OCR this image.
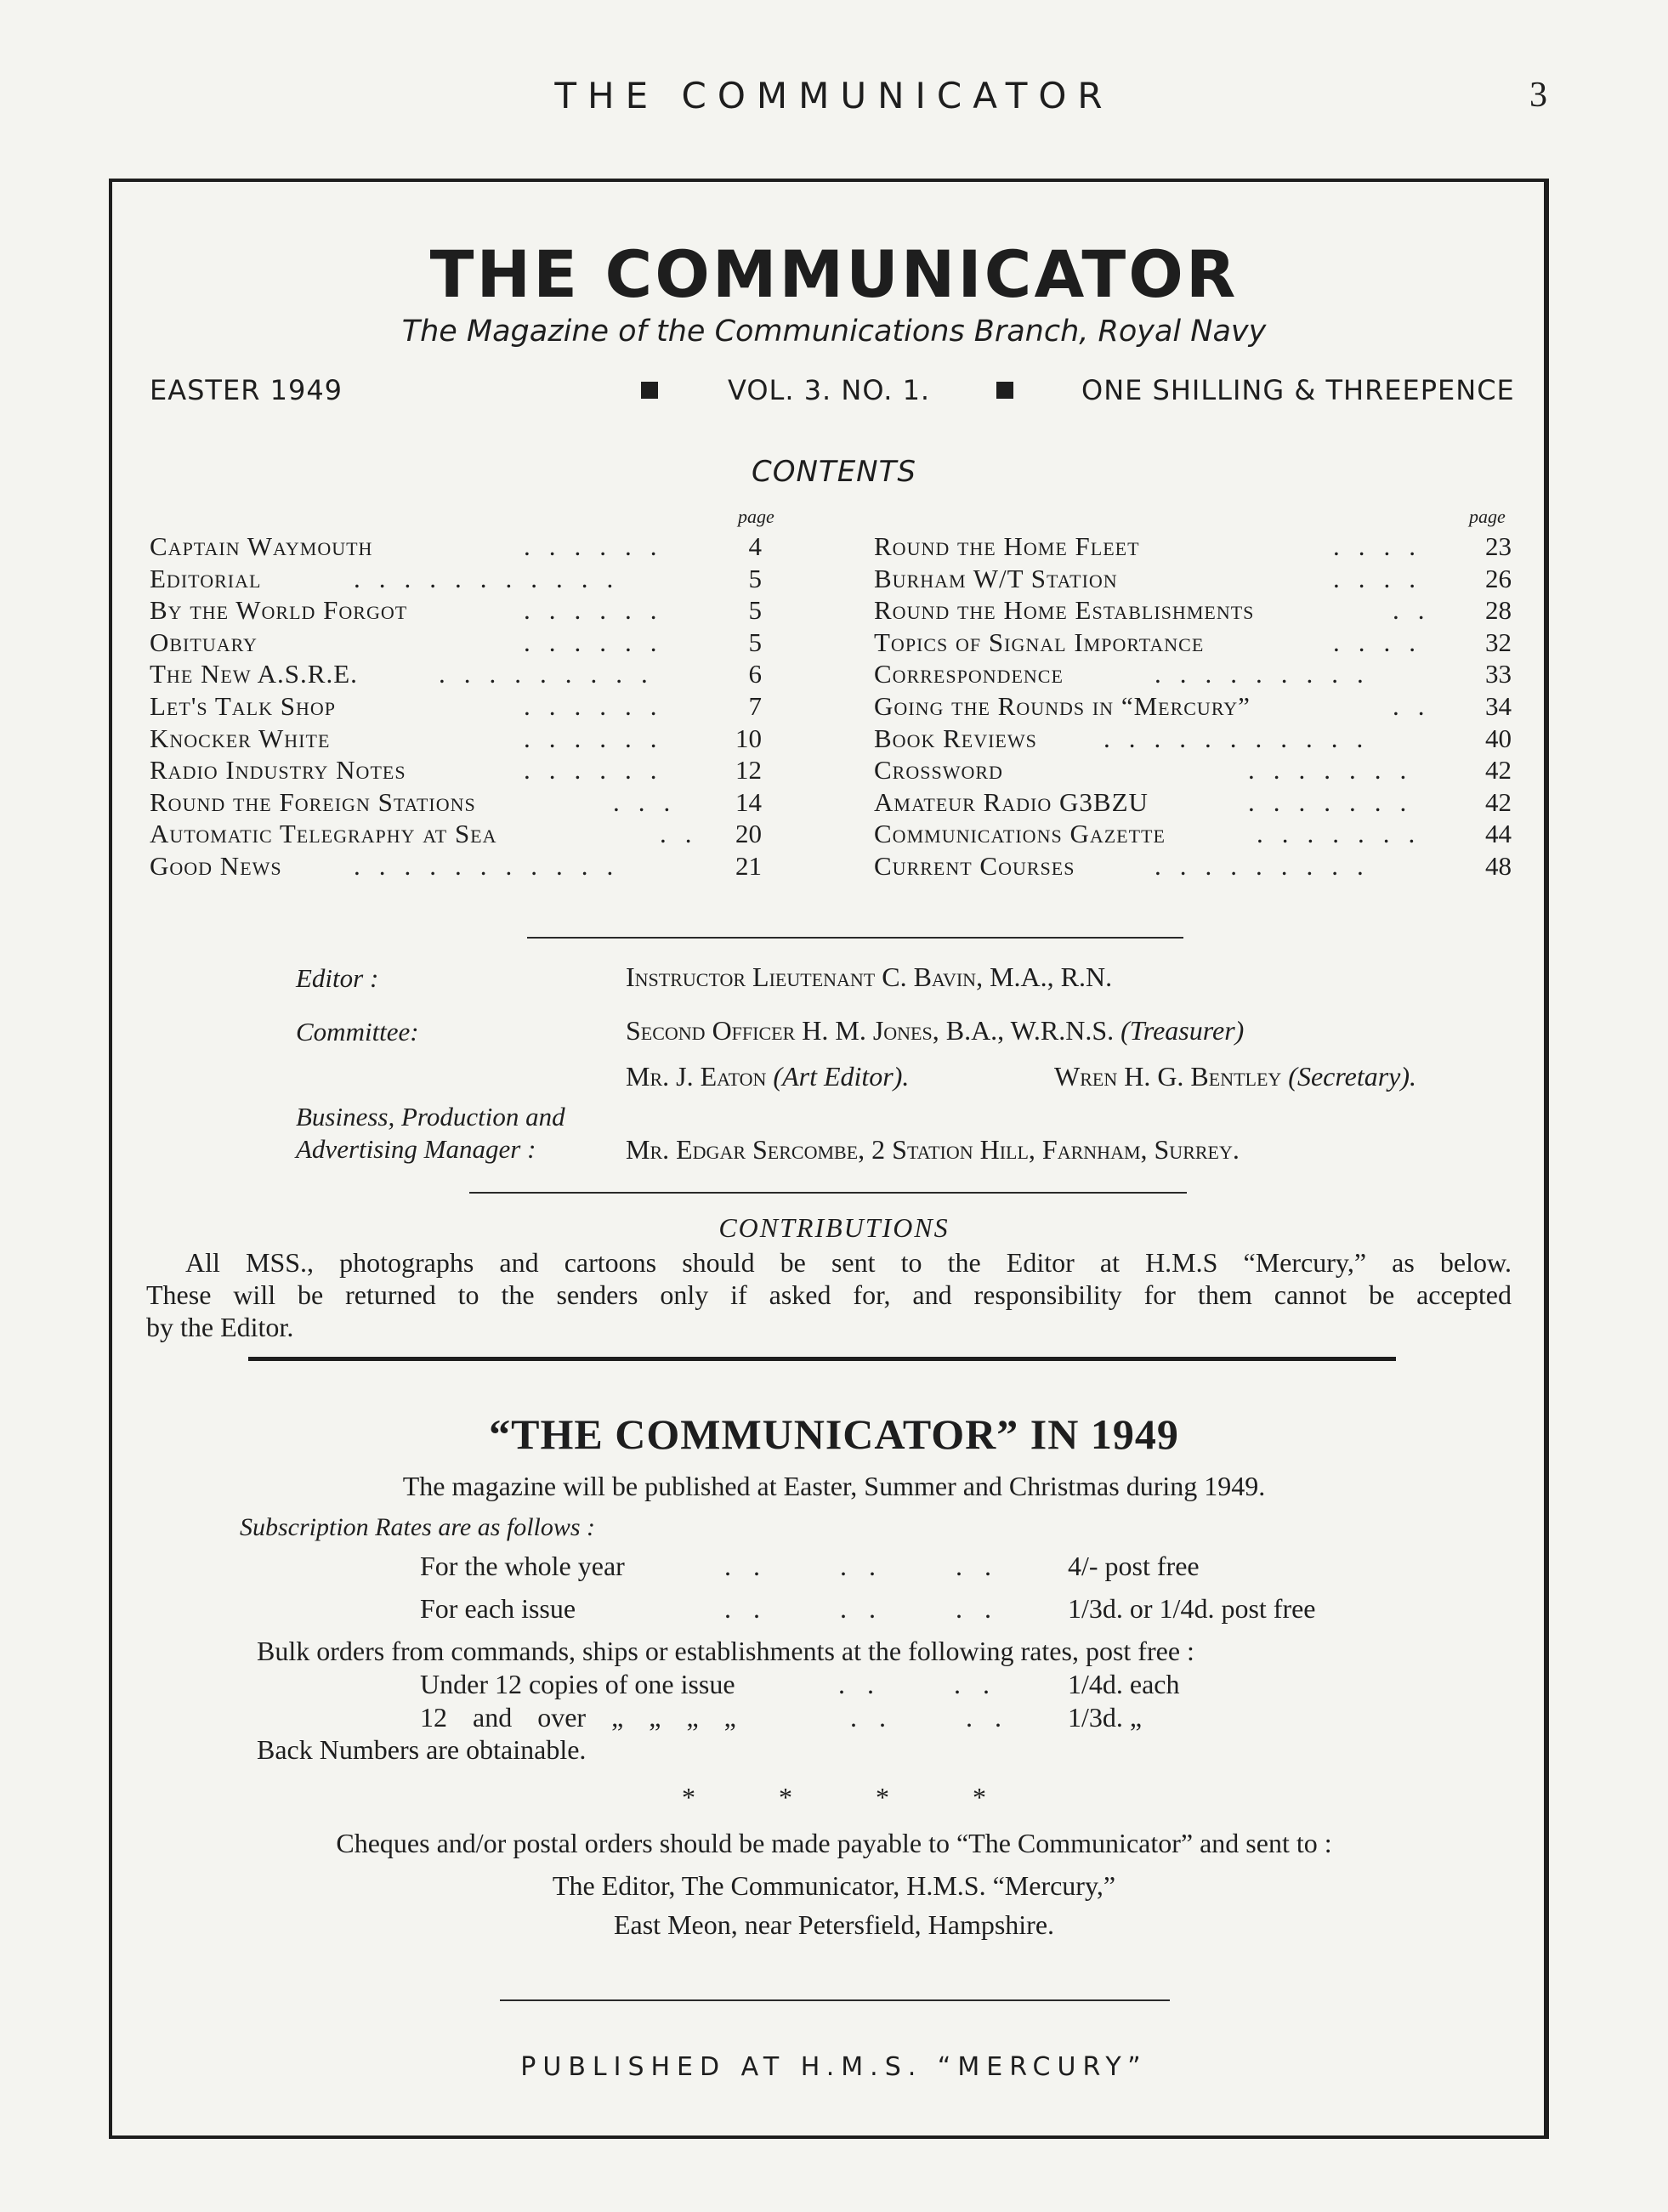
THE COMMUNICATOR	3
THE COMMUNICATOR
The Magazine of the Communications Branch, Royal Navy
EASTER 1949	VOL. 3. NO. 1.	ONE SHILLING & THREEPENCE
CONTENTS
page	page
Captain Waymouth	......	4
Editorial	...........	5
By the World Forgot	......	5
Obituary	......	5
The New A.S.R.E.	.........	6
Let's Talk Shop	......	7
Knocker White	......	10
Radio Industry Notes	......	12
Round the Foreign Stations	...	14
Automatic Telegraphy at Sea	.. 20
Good News	...........	21
Round the Home Fleet	....	23
Burham W/T Station	....	26
Round the Home Establishments	..	28
Topics of Signal Importance	....	32
Correspondence	.........	33
Going the Rounds in “Mercury”	..	34
Book Reviews	...........	40
Crossword	.......	42
Amateur Radio G3BZU	.......	42
Communications Gazette	.......	44
Current Courses	.........	48
Editor :	Instructor Lieutenant C. Bavin, M.A., R.N.
Committee:	Second Officer H. M. Jones, B.A., W.R.N.S. (Treasurer)
Mr. J. Eaton (Art Editor).	Wren H. G. Bentley (Secretary).
Business, Production and
Advertising Manager :	Mr. Edgar Sercombe, 2 Station Hill, Farnham, Surrey.
CONTRIBUTIONS
All MSS., photographs and cartoons should be sent to the Editor at H.M.S “Mercury,” as below.
These will be returned to the senders only if asked for, and responsibility for them cannot be accepted
by the Editor.
“THE COMMUNICATOR” IN 1949
The magazine will be published at Easter, Summer and Christmas during 1949.
Subscription Rates are as follows :
For the whole year	..  ..  .. 4/- post free
For each issue	..  ..  .. 1/3d. or 1/4d. post free
Bulk orders from commands, ships or establishments at the following rates, post free :
Under 12 copies of one issue	..  .. 1/4d. each
12 and over „ „ „ „	..  .. 1/3d. „
Back Numbers are obtainable.
* * * *
Cheques and/or postal orders should be made payable to “The Communicator” and sent to :
The Editor, The Communicator, H.M.S. “Mercury,”
East Meon, near Petersfield, Hampshire.
PUBLISHED AT H.M.S. “MERCURY”
